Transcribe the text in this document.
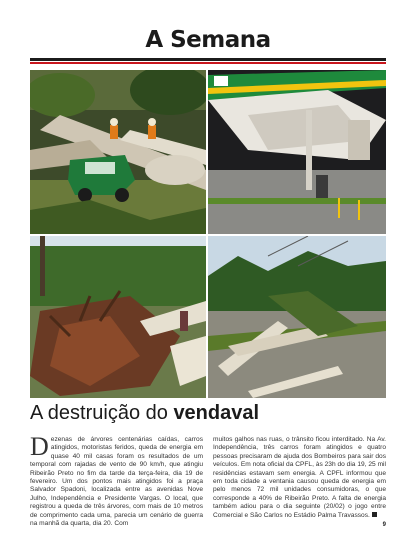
A Semana
A destruição do vendaval
Dezenas de árvores centenárias caídas, carros atingidos, motoristas feridos, queda de energia em quase 40 mil casas foram os resultados de um temporal com rajadas de vento de 90 km/h, que atingiu Ribeirão Preto no fim da tarde da terça-feira, dia 19 de fevereiro. Um dos pontos mais atingidos foi a praça Salvador Spadoni, localizada entre as avenidas Nove Julho, Independência e Presidente Vargas. O local, que registrou a queda de três árvores, com mais de 10 metros de comprimento cada uma, parecia um cenário de guerra na manhã da quarta, dia 20. Com
muitos galhos nas ruas, o trânsito ficou interditado. Na Av. Independência, três carros foram atingidos e quatro pessoas precisaram de ajuda dos Bombeiros para sair dos veículos. Em nota oficial da CPFL, às 23h do dia 19, 25 mil residências estavam sem energia. A CPFL informou que em toda cidade a ventania causou queda de energia em pelo menos 72 mil unidades consumidoras, o que corresponde a 40% de Ribeirão Preto. A falta de energia também adiou para o dia seguinte (20/02) o jogo entre Comercial e São Carlos no Estádio Palma Travassos.
9
